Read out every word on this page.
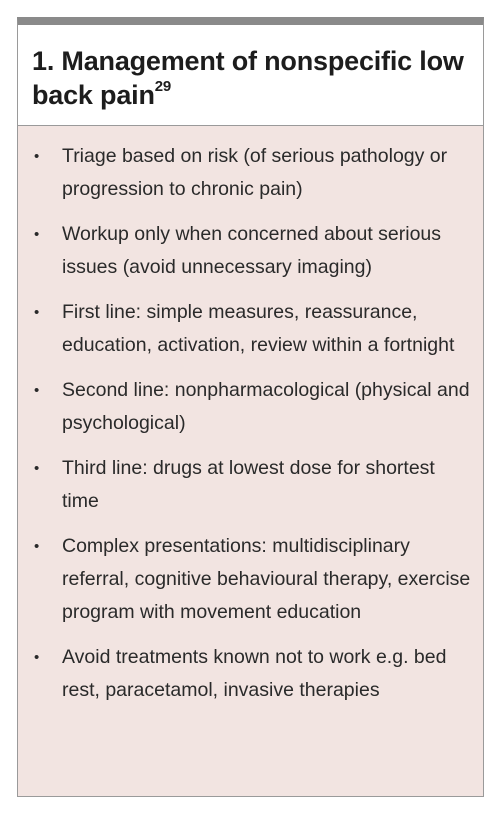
1. Management of nonspecific low back pain$^{29}$
•	Triage based on risk (of serious pathology or progression to chronic pain)
•	Workup only when concerned about serious issues (avoid unnecessary imaging)
•	First line: simple measures, reassurance, education, activation, review within a fortnight
•	Second line: nonpharmacological (physical and psychological)
•	Third line: drugs at lowest dose for shortest time
•	Complex presentations: multidisciplinary referral, cognitive behavioural therapy, exercise program with movement education
•	Avoid treatments known not to work e.g. bed rest, paracetamol, invasive therapies
